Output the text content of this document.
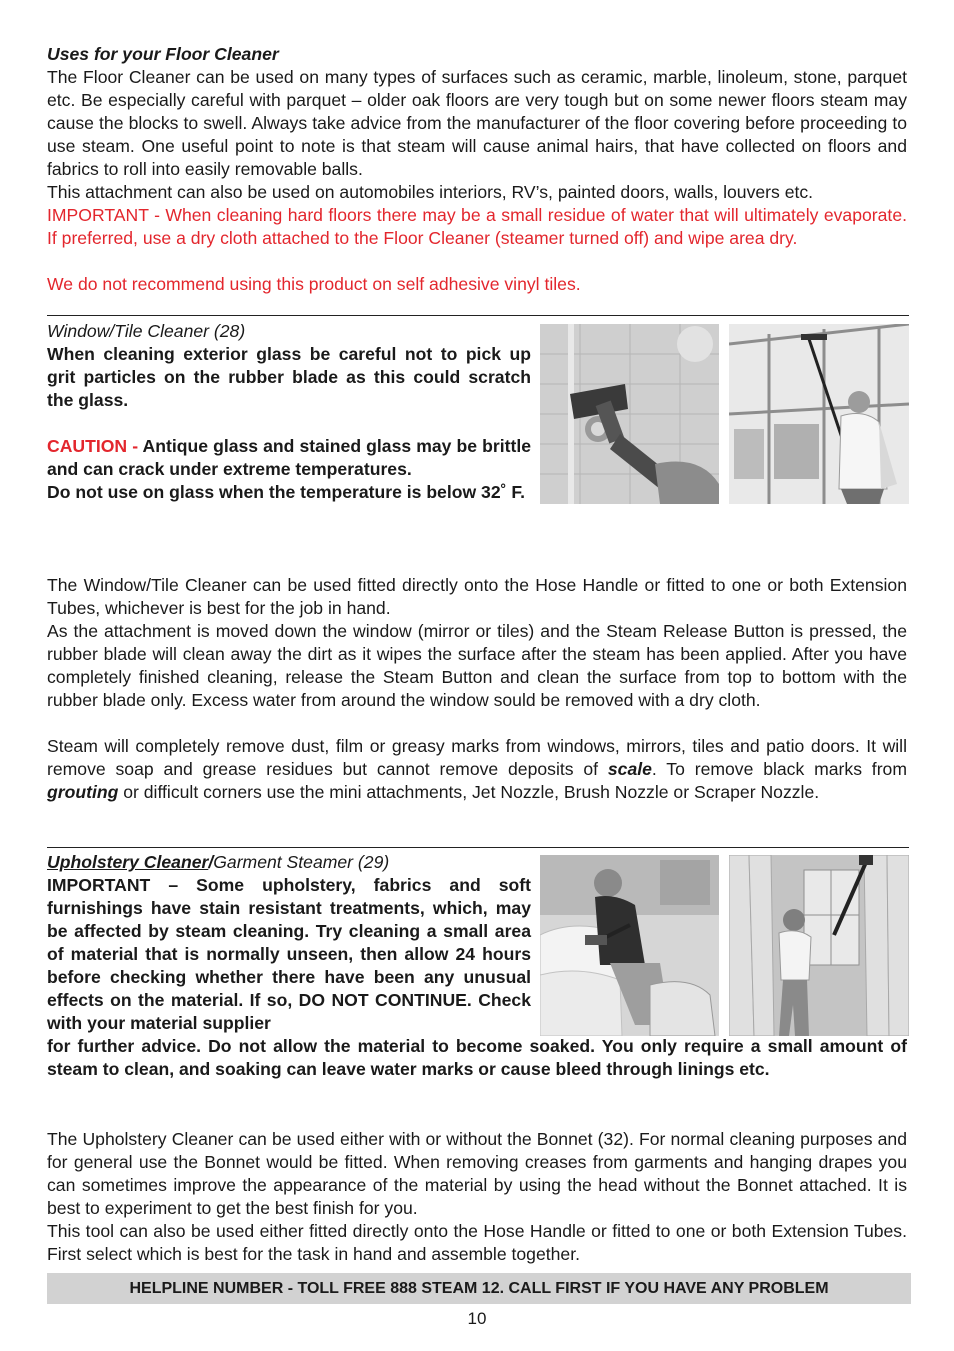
Uses for your Floor Cleaner

The Floor Cleaner can be used on many types of surfaces such as ceramic, marble, linoleum, stone, parquet etc. Be especially careful with parquet – older oak floors are very tough but on some newer floors steam may cause the blocks to swell. Always take advice from the manufacturer of the floor covering before proceeding to use steam. One useful point to note is that steam will cause animal hairs, that have collected on floors and fabrics to roll into easily removable balls.

This attachment can also be used on automobiles interiors, RV’s, painted doors, walls, louvers etc.

IMPORTANT - When cleaning hard floors there may be a small residue of water that will ultimately evaporate. If preferred, use a dry cloth attached to the Floor Cleaner (steamer turned off) and wipe area dry.

We do not recommend using this product on self adhesive vinyl tiles.

Window/Tile Cleaner (28)

When cleaning exterior glass be careful not to pick up grit particles on the rubber blade as this could scratch the glass.

CAUTION - Antique glass and stained glass may be brittle and can crack under extreme temperatures.

Do not use on glass when the temperature is below 32˚ F.

The Window/Tile Cleaner can be used fitted directly onto the Hose Handle or fitted to one or both Extension Tubes, whichever is best for the job in hand.

As the attachment is moved down the window (mirror or tiles) and the Steam Release Button is pressed, the rubber blade will clean away the dirt as it wipes the surface after the steam has been applied. After you have completely finished cleaning, release the Steam Button and clean the surface from top to bottom with the rubber blade only. Excess water from around the window sould be removed with a dry cloth.

Steam will completely remove dust, film or greasy marks from windows, mirrors, tiles and patio doors. It will remove soap and grease residues but cannot remove deposits of scale. To remove black marks from grouting or difficult corners use the mini attachments, Jet Nozzle, Brush Nozzle or Scraper Nozzle.

Upholstery Cleaner/Garment Steamer (29)

IMPORTANT – Some upholstery, fabrics and soft furnishings have stain resistant treatments, which, may be affected by steam cleaning. Try cleaning a small area of material that is normally unseen, then allow 24 hours before checking whether there have been any unusual effects on the material. If so, DO NOT CONTINUE. Check with your material supplier

for further advice. Do not allow the material to become soaked. You only require a small amount of steam to clean, and soaking can leave water marks or cause bleed through linings etc.

The Upholstery Cleaner can be used either with or without the Bonnet (32). For normal cleaning purposes and for general use the Bonnet would be fitted. When removing creases from garments and hanging drapes you can sometimes improve the appearance of the material by using the head without the Bonnet attached. It is best to experiment to get the best finish for you.

This tool can also be used either fitted directly onto the Hose Handle or fitted to one or both Extension Tubes. First select which is best for the task in hand and assemble together.

HELPLINE NUMBER - TOLL FREE 888 STEAM 12. CALL FIRST IF YOU HAVE ANY PROBLEM
10
